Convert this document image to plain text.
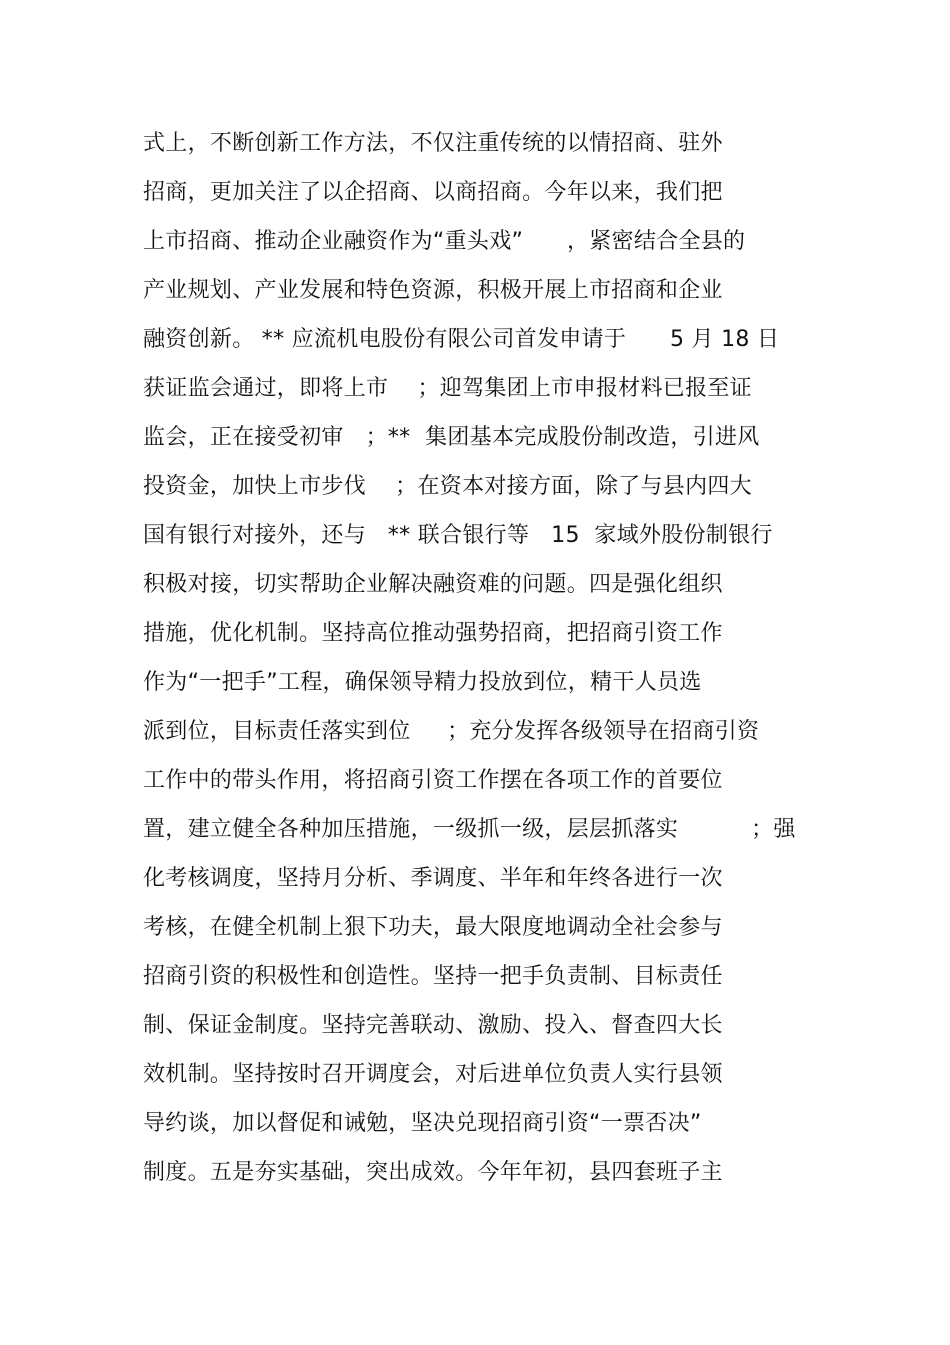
式上，不断创新工作方法，不仅注重传统的以情招商、驻外
招商，更加关注了以企招商、以商招商。今年以来，我们把
上市招商、推动企业融资作为“重头戏”      ，紧密结合全县的
产业规划、产业发展和特色资源，积极开展上市招商和企业
融资创新。 ** 应流机电股份有限公司首发申请于      5 月 18 日
获证监会通过，即将上市    ；迎驾集团上市申报材料已报至证
监会，正在接受初审   ；**  集团基本完成股份制改造，引进风
投资金，加快上市步伐    ；在资本对接方面，除了与县内四大
国有银行对接外，还与   ** 联合银行等   15  家域外股份制银行
积极对接，切实帮助企业解决融资难的问题。四是强化组织
措施，优化机制。坚持高位推动强势招商，把招商引资工作
作为“一把手”工程，确保领导精力投放到位，精干人员选
派到位，目标责任落实到位     ；充分发挥各级领导在招商引资
工作中的带头作用，将招商引资工作摆在各项工作的首要位
置，建立健全各种加压措施，一级抓一级，层层抓落实          ；强
化考核调度，坚持月分析、季调度、半年和年终各进行一次
考核，在健全机制上狠下功夫，最大限度地调动全社会参与
招商引资的积极性和创造性。坚持一把手负责制、目标责任
制、保证金制度。坚持完善联动、激励、投入、督查四大长
效机制。坚持按时召开调度会，对后进单位负责人实行县领
导约谈，加以督促和诫勉，坚决兑现招商引资“一票否决”
制度。五是夯实基础，突出成效。今年年初，县四套班子主
